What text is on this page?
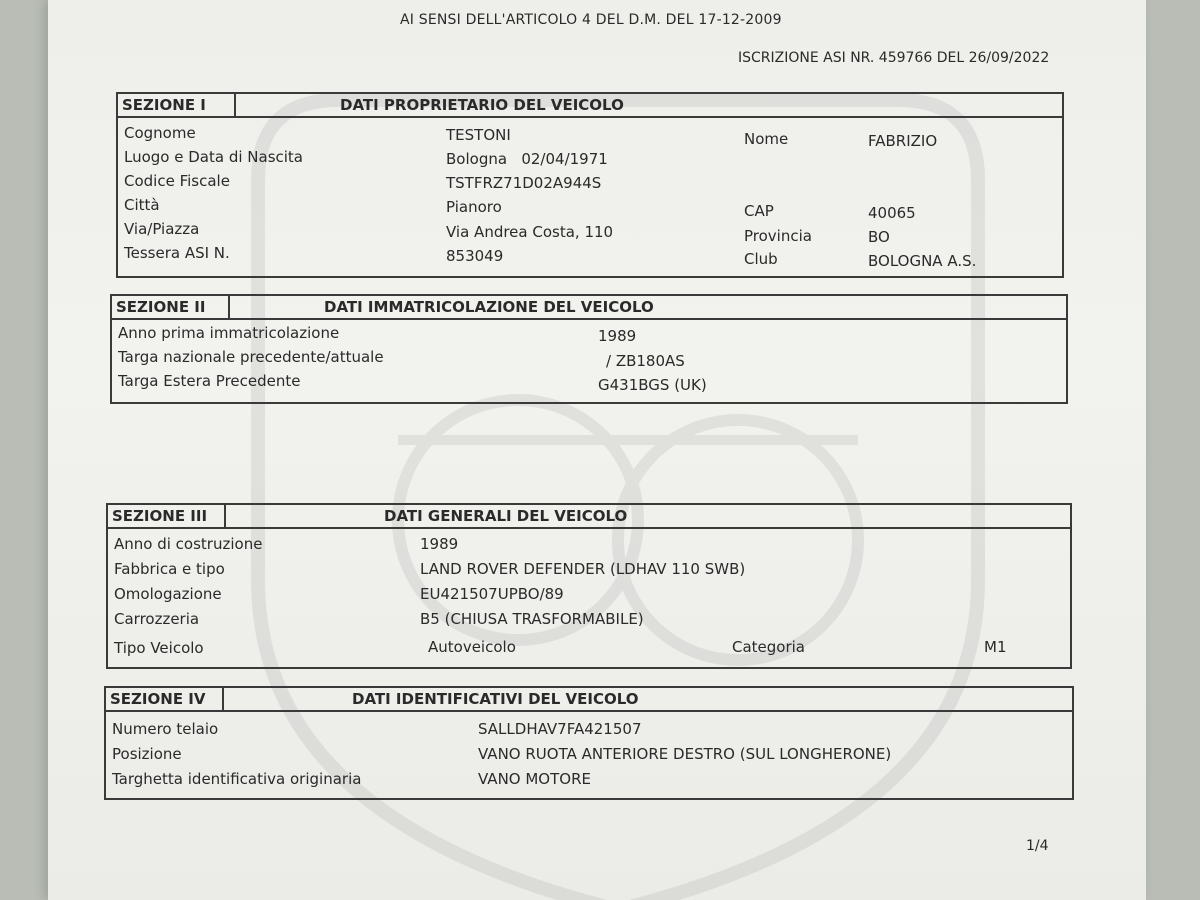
AI SENSI DELL'ARTICOLO 4 DEL D.M. DEL 17-12-2009
ISCRIZIONE ASI NR. 459766 DEL 26/09/2022
SEZIONE I	DATI PROPRIETARIO DEL VEICOLO
Cognome	TESTONI	Nome	FABRIZIO
Luogo e Data di Nascita	Bologna   02/04/1971
Codice Fiscale	TSTFRZ71D02A944S
Città	Pianoro	CAP	40065
Via/Piazza	Via Andrea Costa, 110	Provincia	BO
Tessera ASI N.	853049	Club	BOLOGNA A.S.
SEZIONE II	DATI IMMATRICOLAZIONE DEL VEICOLO
Anno prima immatricolazione	1989
Targa nazionale precedente/attuale	/ ZB180AS
Targa Estera Precedente	G431BGS (UK)
SEZIONE III	DATI GENERALI DEL VEICOLO
Anno di costruzione	1989
Fabbrica e tipo	LAND ROVER DEFENDER (LDHAV 110 SWB)
Omologazione	EU421507UPBO/89
Carrozzeria	B5 (CHIUSA TRASFORMABILE)
Tipo Veicolo	Autoveicolo	Categoria	M1
SEZIONE IV	DATI IDENTIFICATIVI DEL VEICOLO
Numero telaio	SALLDHAV7FA421507
Posizione	VANO RUOTA ANTERIORE DESTRO (SUL LONGHERONE)
Targhetta identificativa originaria	VANO MOTORE
1/4
